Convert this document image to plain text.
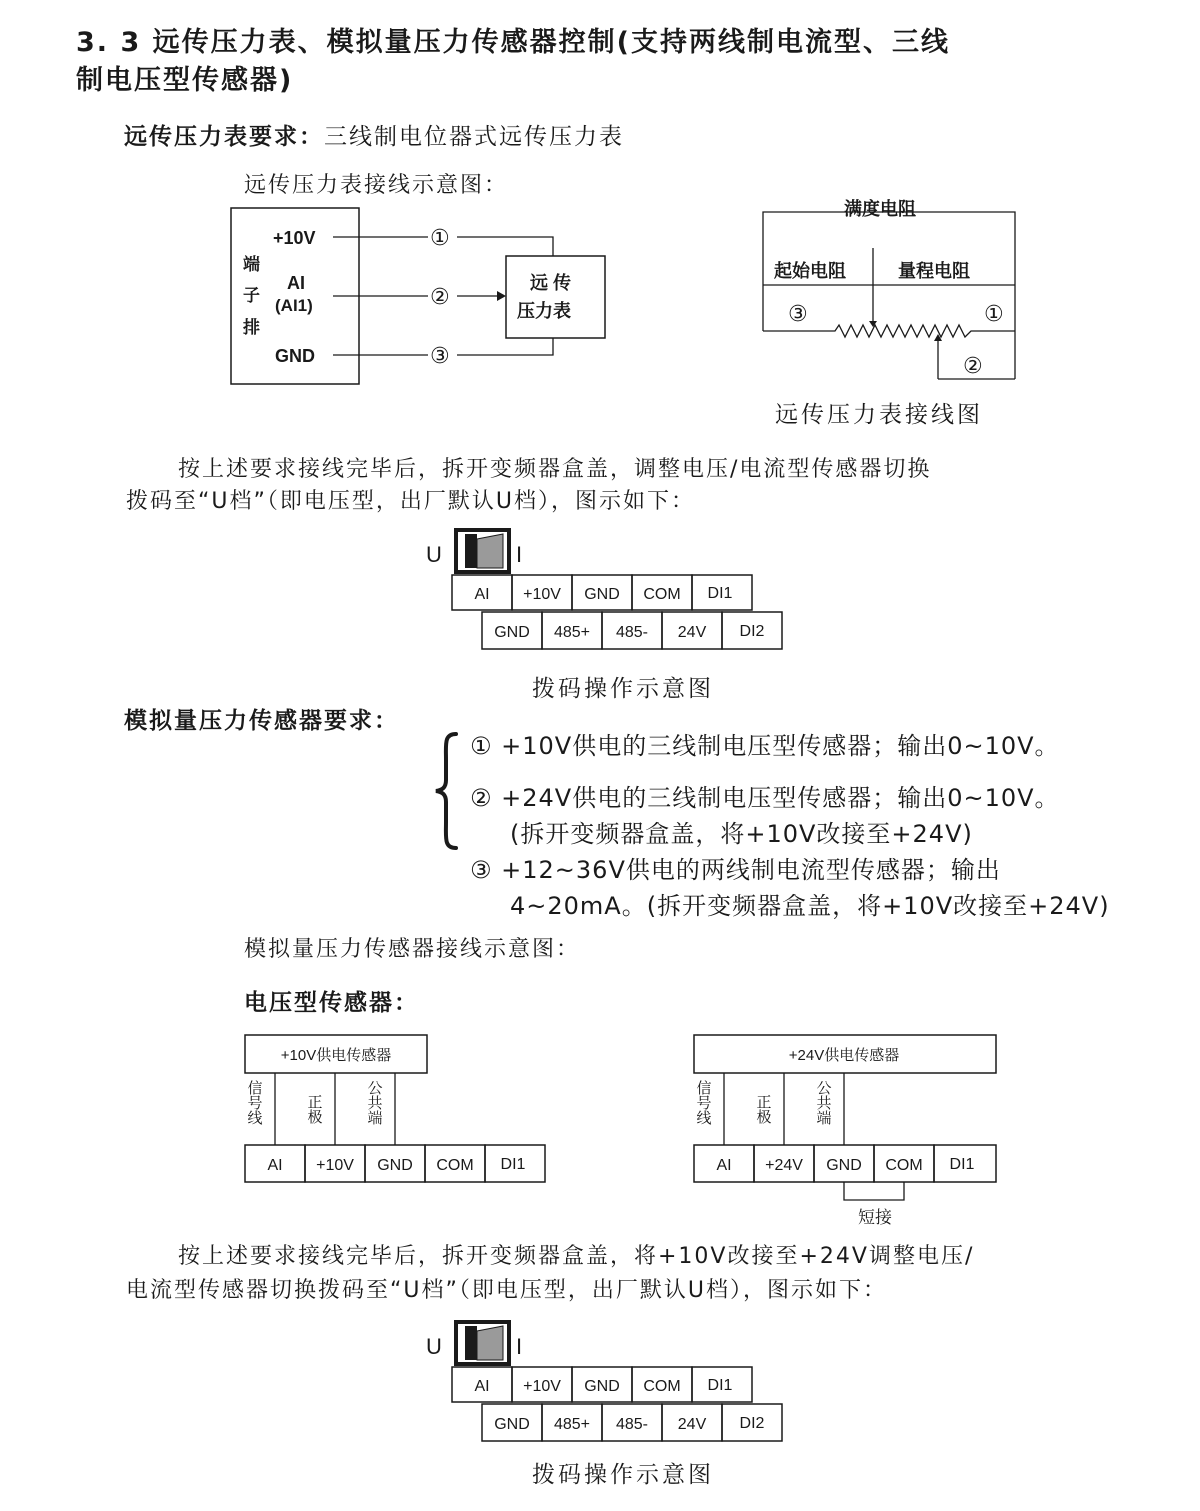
3. 3 远传压力表、模拟量压力传感器控制(支持两线制电流型、三线
制电压型传感器)
远传压力表要求：三线制电位器式远传压力表
远传压力表接线示意图：
端
子
排
+10V
AI
(AI1)
GND
①
②
③
远 传
压力表
满度电阻
起始电阻	量程电阻
③	①
②
远传压力表接线图
按上述要求接线完毕后，拆开变频器盒盖，调整电压/电流型传感器切换
拨码至“U档”（即电压型，出厂默认U档），图示如下：
U	I
AI +10V GND COM DI1
GND 485+ 485- 24V DI2
拨码操作示意图
模拟量压力传感器要求：
① +10V供电的三线制电压型传感器；输出0~10V。
② +24V供电的三线制电压型传感器；输出0~10V。
(拆开变频器盒盖，将+10V改接至+24V)
③ +12~36V供电的两线制电流型传感器；输出
4~20mA。(拆开变频器盒盖，将+10V改接至+24V)
模拟量压力传感器接线示意图：
电压型传感器：
+10V供电传感器
信号线	正极	公共端
AI +10V GND COM DI1
+24V供电传感器
信号线	正极	公共端
AI +24V GND COM DI1
短接
按上述要求接线完毕后，拆开变频器盒盖，将+10V改接至+24V调整电压/
电流型传感器切换拨码至“U档”（即电压型，出厂默认U档），图示如下：
U	I
AI +10V GND COM DI1
GND 485+ 485- 24V DI2
拨码操作示意图
